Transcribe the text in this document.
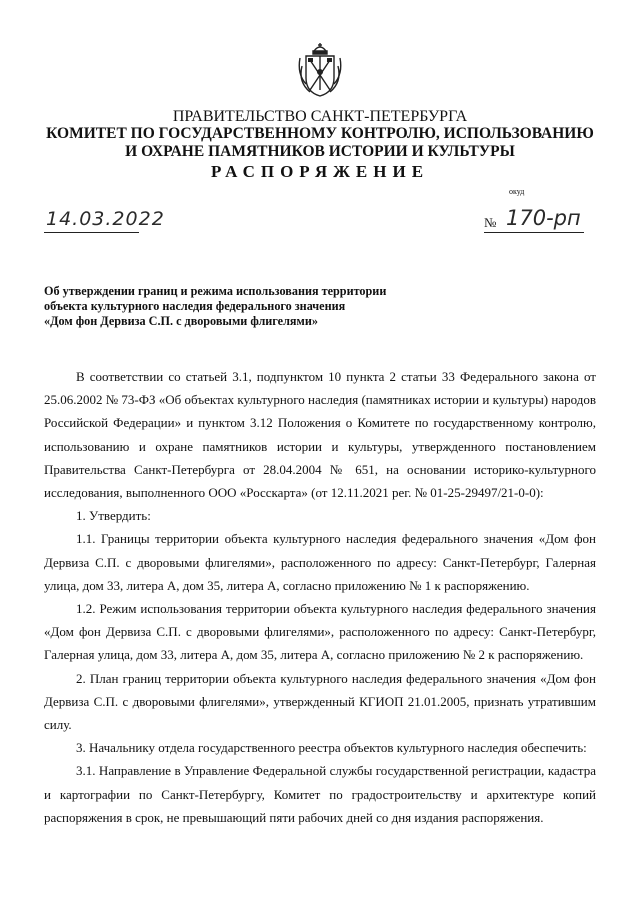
ПРАВИТЕЛЬСТВО САНКТ-ПЕТЕРБУРГА
КОМИТЕТ ПО ГОСУДАРСТВЕННОМУ КОНТРОЛЮ, ИСПОЛЬЗОВАНИЮ
И ОХРАНЕ ПАМЯТНИКОВ ИСТОРИИ И КУЛЬТУРЫ
РАСПОРЯЖЕНИЕ
окуд
14.03.2022	№ 170-рп
Об утверждении границ и режима использования территории
объекта культурного наследия федерального значения
«Дом фон Дервиза С.П. с дворовыми флигелями»

В соответствии со статьей 3.1, подпунктом 10 пункта 2 статьи 33 Федерального закона от 25.06.2002 № 73-ФЗ «Об объектах культурного наследия (памятниках истории и культуры) народов Российской Федерации» и пунктом 3.12 Положения о Комитете по государственному контролю, использованию и охране памятников истории и культуры, утвержденного постановлением Правительства Санкт-Петербурга от 28.04.2004 № 651, на основании историко-культурного исследования, выполненного ООО «Росскарта» (от 12.11.2021 рег. № 01-25-29497/21-0-0):

1. Утвердить:

1.1. Границы территории объекта культурного наследия федерального значения «Дом фон Дервиза С.П. с дворовыми флигелями», расположенного по адресу: Санкт-Петербург, Галерная улица, дом 33, литера А, дом 35, литера А, согласно приложению № 1 к распоряжению.

1.2. Режим использования территории объекта культурного наследия федерального значения «Дом фон Дервиза С.П. с дворовыми флигелями», расположенного по адресу: Санкт-Петербург, Галерная улица, дом 33, литера А, дом 35, литера А, согласно приложению № 2 к распоряжению.

2. План границ территории объекта культурного наследия федерального значения «Дом фон Дервиза С.П. с дворовыми флигелями», утвержденный КГИОП 21.01.2005, признать утратившим силу.

3. Начальнику отдела государственного реестра объектов культурного наследия обеспечить:

3.1. Направление в Управление Федеральной службы государственной регистрации, кадастра и картографии по Санкт-Петербургу, Комитет по градостроительству и архитектуре копий распоряжения в срок, не превышающий пяти рабочих дней со дня издания распоряжения.
